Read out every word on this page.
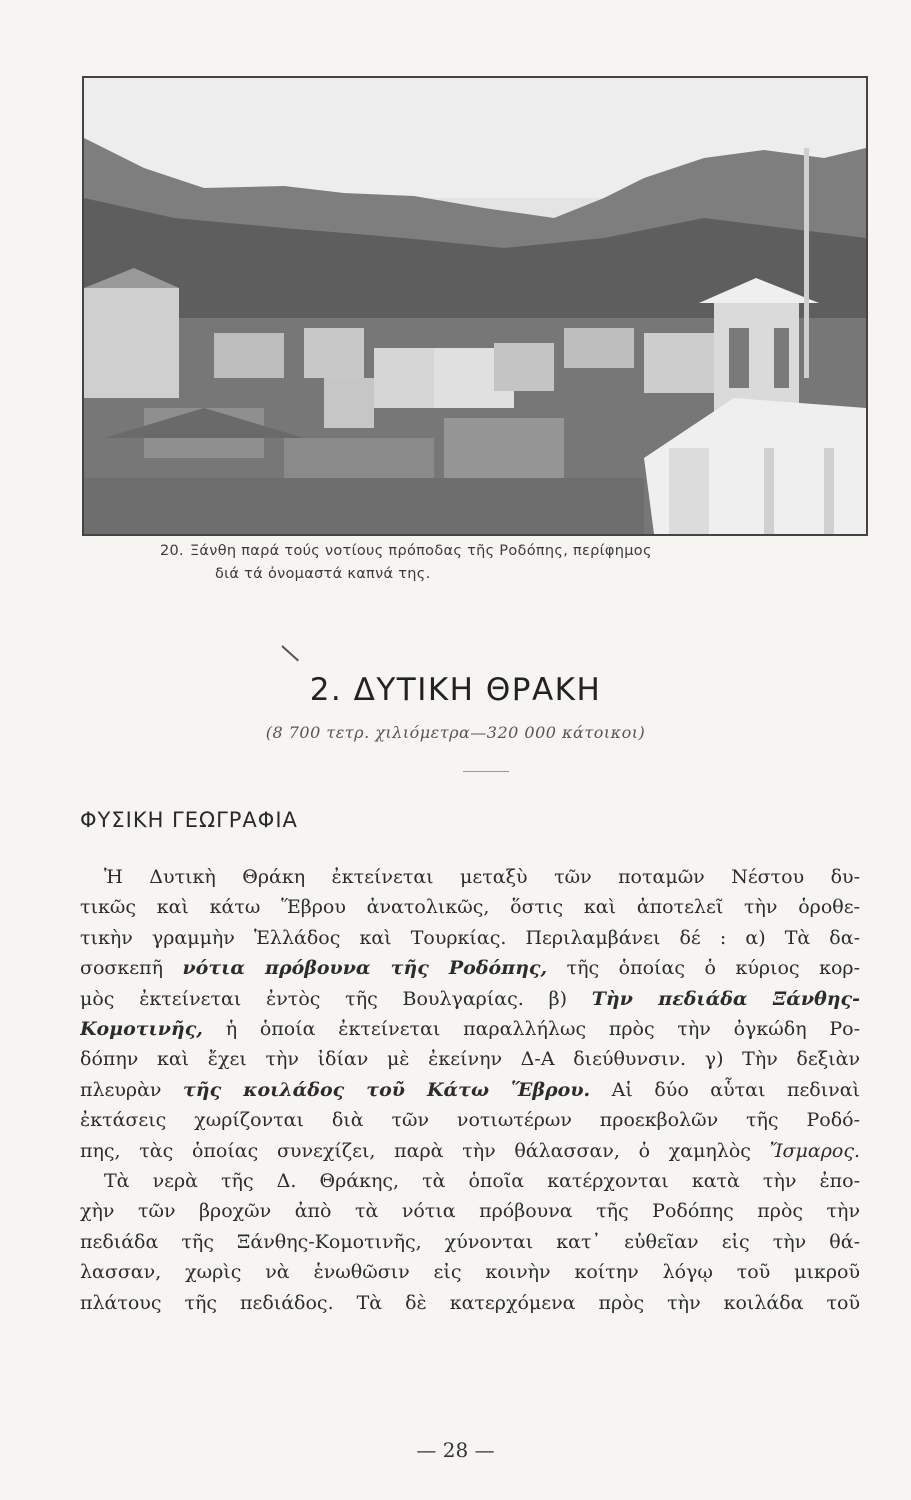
20. Ξάνθη παρά τούς νοτίους πρόποδας τῆς Ροδόπης, περίφημος
διά τά ὀνομαστά καπνά της.
2. ΔΥΤΙΚΗ ΘΡΑΚΗ
(8 700 τετρ. χιλιόμετρα—320 000 κάτοικοι)
ΦΥΣΙΚΗ ΓΕΩΓΡΑΦΙΑ
Ἡ Δυτικὴ Θράκη ἐκτείνεται μεταξὺ τῶν ποταμῶν Νέστου δυ-
τικῶς καὶ κάτω Ἕβρου ἀνατολικῶς, ὅστις καὶ ἀποτελεῖ τὴν ὁροθε-
τικὴν γραμμὴν Ἑλλάδος καὶ Τουρκίας. Περιλαμβάνει δέ : α) Τὰ δα-
σοσκεπῆ νότια πρόβουνα τῆς Ροδόπης, τῆς ὁποίας ὁ κύριος κορ-
μὸς ἐκτείνεται ἐντὸς τῆς Βουλγαρίας. β) Τὴν πεδιάδα Ξάνθης-
Κομοτινῆς, ἡ ὁποία ἐκτείνεται παραλλήλως πρὸς τὴν ὀγκώδη Ρο-
δόπην καὶ ἔχει τὴν ἰδίαν μὲ ἐκείνην Δ-Α διεύθυνσιν. γ) Τὴν δεξιὰν
πλευρὰν τῆς κοιλάδος τοῦ Κάτω Ἕβρου. Αἱ δύο αὗται πεδιναὶ
ἐκτάσεις χωρίζονται διὰ τῶν νοτιωτέρων προεκβολῶν τῆς Ροδό-
πης, τὰς ὁποίας συνεχίζει, παρὰ τὴν θάλασσαν, ὁ χαμηλὸς Ἴσμαρος.
Τὰ νερὰ τῆς Δ. Θράκης, τὰ ὁποῖα κατέρχονται κατὰ τὴν ἐπο-
χὴν τῶν βροχῶν ἀπὸ τὰ νότια πρόβουνα τῆς Ροδόπης πρὸς τὴν
πεδιάδα τῆς Ξάνθης-Κομοτινῆς, χύνονται κατ᾽ εὐθεῖαν εἰς τὴν θά-
λασσαν, χωρὶς νὰ ἑνωθῶσιν εἰς κοινὴν κοίτην λόγῳ τοῦ μικροῦ
πλάτους τῆς πεδιάδος. Τὰ δὲ κατερχόμενα πρὸς τὴν κοιλάδα τοῦ
— 28 —
